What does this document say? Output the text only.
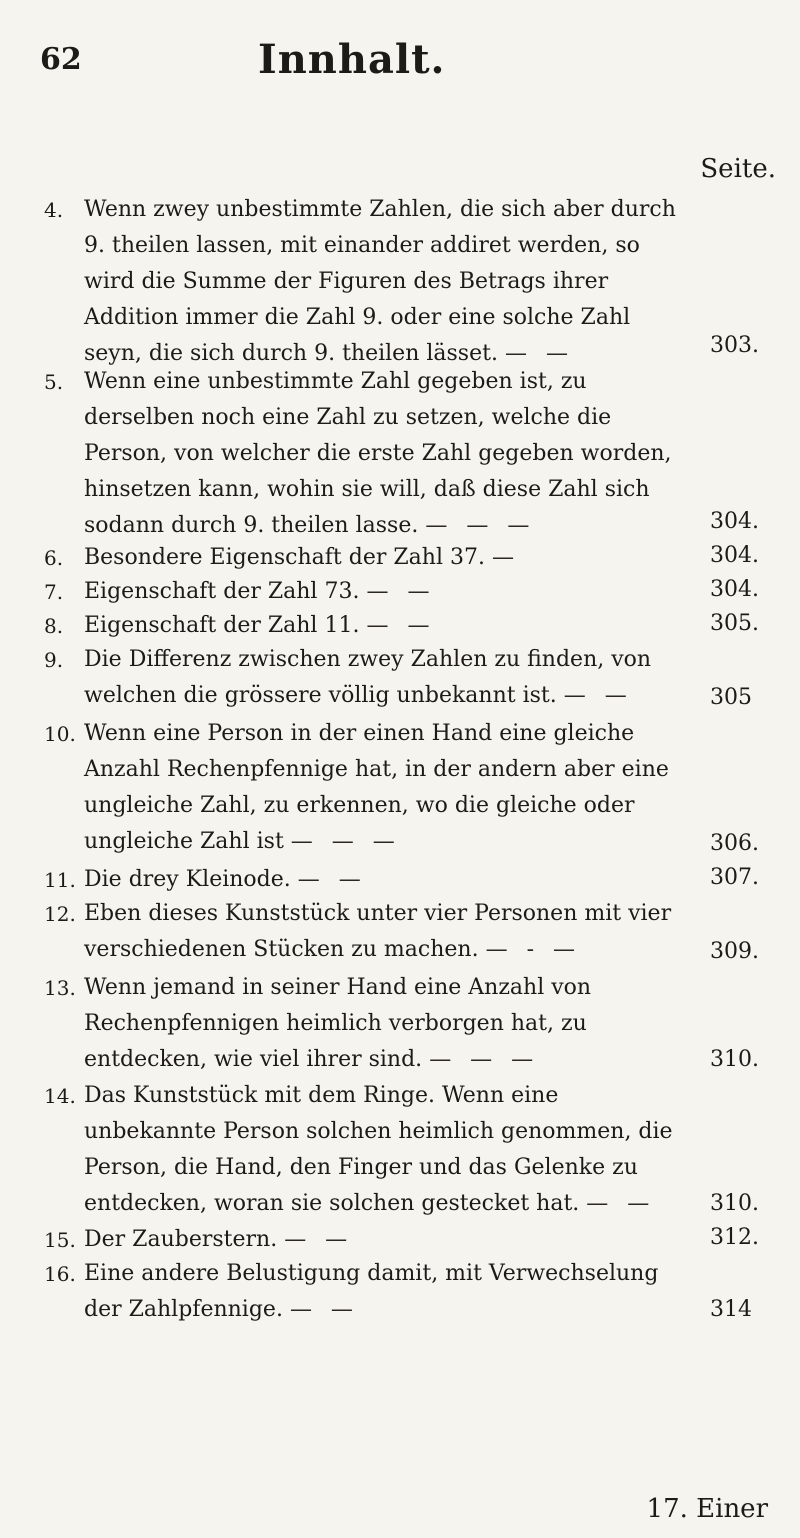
62	Innhalt.
Seite.
4. Wenn zwey unbestimmte Zahlen, die sich aber durch 9. theilen lassen, mit einander addiret werden, so wird die Summe der Figuren des Betrags ihrer Addition immer die Zahl 9. oder eine solche Zahl seyn, die sich durch 9. theilen lässet. — —	303.
5. Wenn eine unbestimmte Zahl gegeben ist, zu derselben noch eine Zahl zu setzen, welche die Person, von welcher die erste Zahl gegeben worden, hinsetzen kann, wohin sie will, daß diese Zahl sich sodann durch 9. theilen lasse. — — —	304.
6. Besondere Eigenschaft der Zahl 37. —	304.
7. Eigenschaft der Zahl 73. — —	304.
8. Eigenschaft der Zahl 11. — —	305.
9. Die Differenz zwischen zwey Zahlen zu finden, von welchen die grössere völlig unbekannt ist. — —	305
10. Wenn eine Person in der einen Hand eine gleiche Anzahl Rechenpfennige hat, in der andern aber eine ungleiche Zahl, zu erkennen, wo die gleiche oder ungleiche Zahl ist — — —	306.
11. Die drey Kleinode. — —	307.
12. Eben dieses Kunststück unter vier Personen mit vier verschiedenen Stücken zu machen. — - —	309.
13. Wenn jemand in seiner Hand eine Anzahl von Rechenpfennigen heimlich verborgen hat, zu entdecken, wie viel ihrer sind. — — —	310.
14. Das Kunststück mit dem Ringe. Wenn eine unbekannte Person solchen heimlich genommen, die Person, die Hand, den Finger und das Gelenke zu entdecken, woran sie solchen gestecket hat. — —	310.
15. Der Zauberstern. — —	312.
16. Eine andere Belustigung damit, mit Verwechselung der Zahlpfennige. — —	314
17. Einer
